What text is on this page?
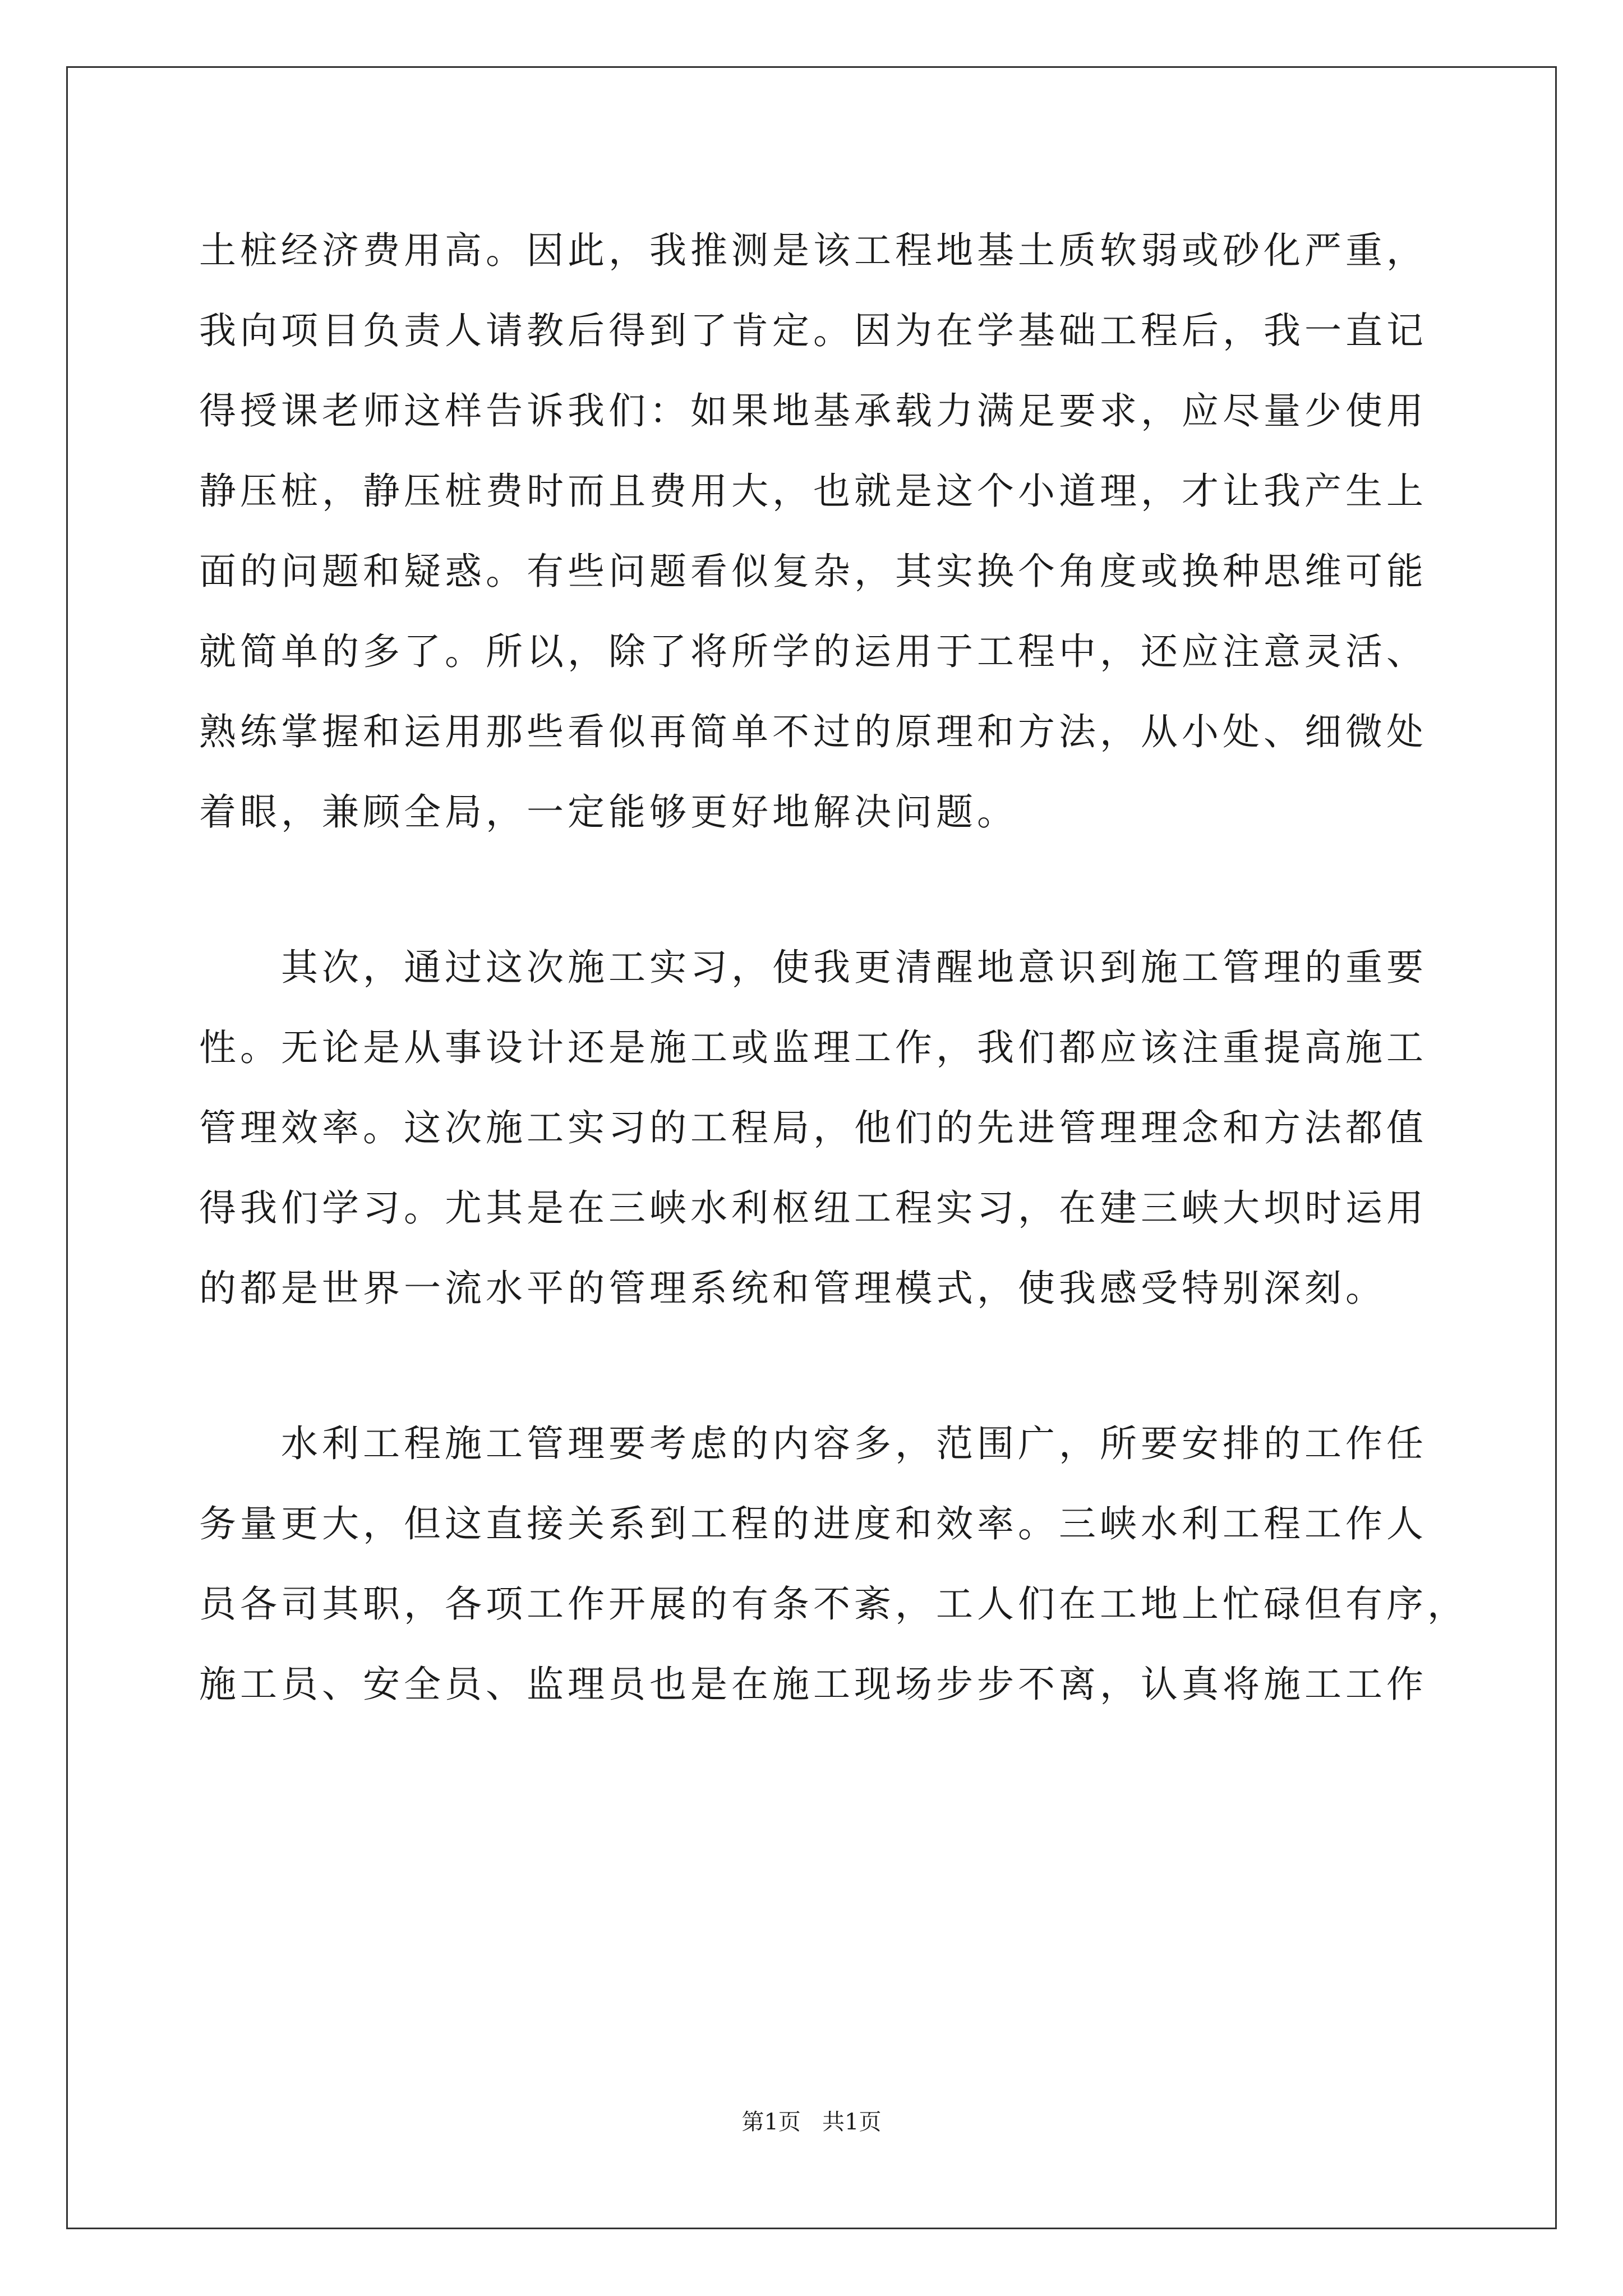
土桩经济费用高。因此，我推测是该工程地基土质软弱或砂化严重，
我向项目负责人请教后得到了肯定。因为在学基础工程后，我一直记
得授课老师这样告诉我们：如果地基承载力满足要求，应尽量少使用
静压桩，静压桩费时而且费用大，也就是这个小道理，才让我产生上
面的问题和疑惑。有些问题看似复杂，其实换个角度或换种思维可能
就简单的多了。所以，除了将所学的运用于工程中，还应注意灵活、
熟练掌握和运用那些看似再简单不过的原理和方法，从小处、细微处
着眼，兼顾全局，一定能够更好地解决问题。
　　其次，通过这次施工实习，使我更清醒地意识到施工管理的重要
性。无论是从事设计还是施工或监理工作，我们都应该注重提高施工
管理效率。这次施工实习的工程局，他们的先进管理理念和方法都值
得我们学习。尤其是在三峡水利枢纽工程实习，在建三峡大坝时运用
的都是世界一流水平的管理系统和管理模式，使我感受特别深刻。
　　水利工程施工管理要考虑的内容多，范围广，所要安排的工作任
务量更大，但这直接关系到工程的进度和效率。三峡水利工程工作人
员各司其职，各项工作开展的有条不紊，工人们在工地上忙碌但有序，
施工员、安全员、监理员也是在施工现场步步不离，认真将施工工作
第1页   共1页
